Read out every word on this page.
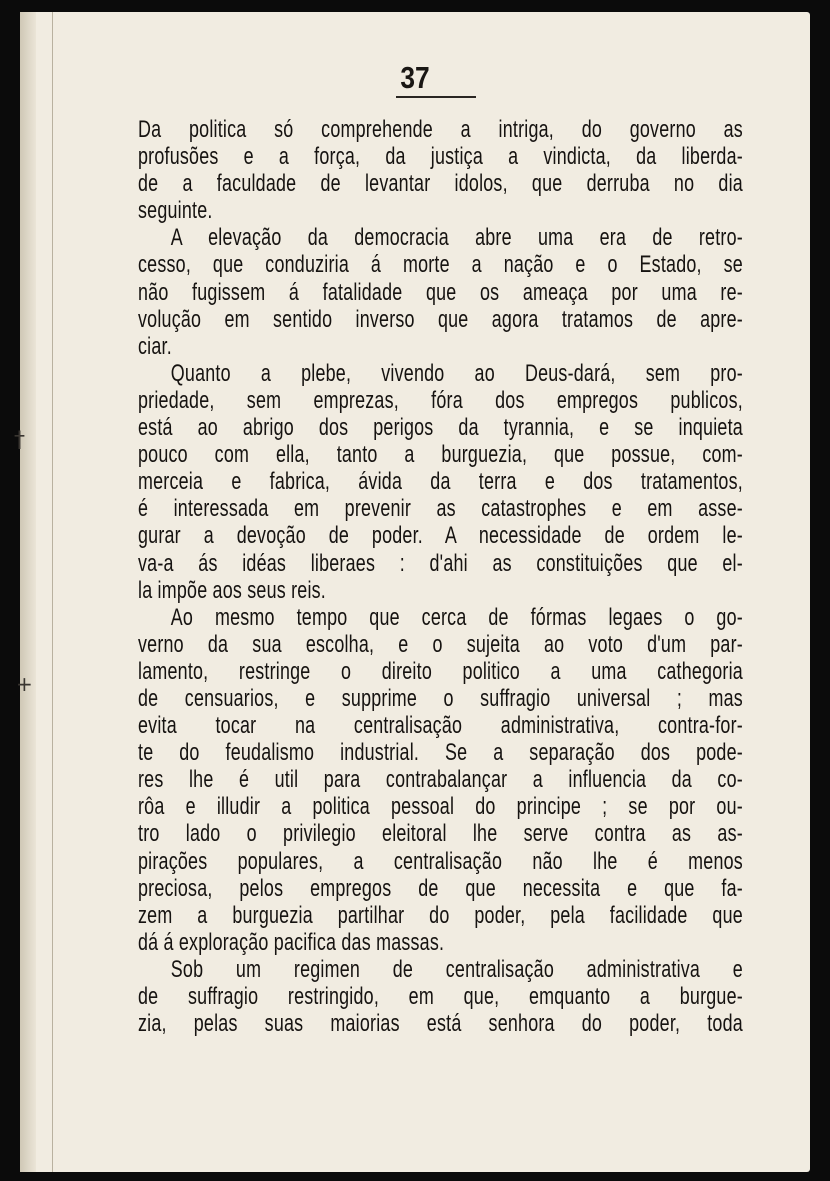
37
†
+

Da politica só comprehende a intriga, do governo as

profusões e a força, da justiça a vindicta, da liberda-

de a faculdade de levantar idolos, que derruba no dia

seguinte.

A elevação da democracia abre uma era de retro-

cesso, que conduziria á morte a nação e o Estado, se

não fugissem á fatalidade que os ameaça por uma re-

volução em sentido inverso que agora tratamos de apre-

ciar.

Quanto a plebe, vivendo ao Deus-dará, sem pro-

priedade, sem emprezas, fóra dos empregos publicos,

está ao abrigo dos perigos da tyrannia, e se inquieta

pouco com ella, tanto a burguezia, que possue, com-

merceia e fabrica, ávida da terra e dos tratamentos,

é interessada em prevenir as catastrophes e em asse-

gurar a devoção de poder. A necessidade de ordem le-

va-a ás idéas liberaes : d'ahi as constituições que el-

la impõe aos seus reis.

Ao mesmo tempo que cerca de fórmas legaes o go-

verno da sua escolha, e o sujeita ao voto d'um par-

lamento, restringe o direito politico a uma cathegoria

de censuarios, e supprime o suffragio universal ; mas

evita tocar na centralisação administrativa, contra-for-

te do feudalismo industrial. Se a separação dos pode-

res lhe é util para contrabalançar a influencia da co-

rôa e illudir a politica pessoal do principe ; se por ou-

tro lado o privilegio eleitoral lhe serve contra as as-

pirações populares, a centralisação não lhe é menos

preciosa, pelos empregos de que necessita e que fa-

zem a burguezia partilhar do poder, pela facilidade que

dá á exploração pacifica das massas.

Sob um regimen de centralisação administrativa e

de suffragio restringido, em que, emquanto a burgue-

zia, pelas suas maiorias está senhora do poder, toda
